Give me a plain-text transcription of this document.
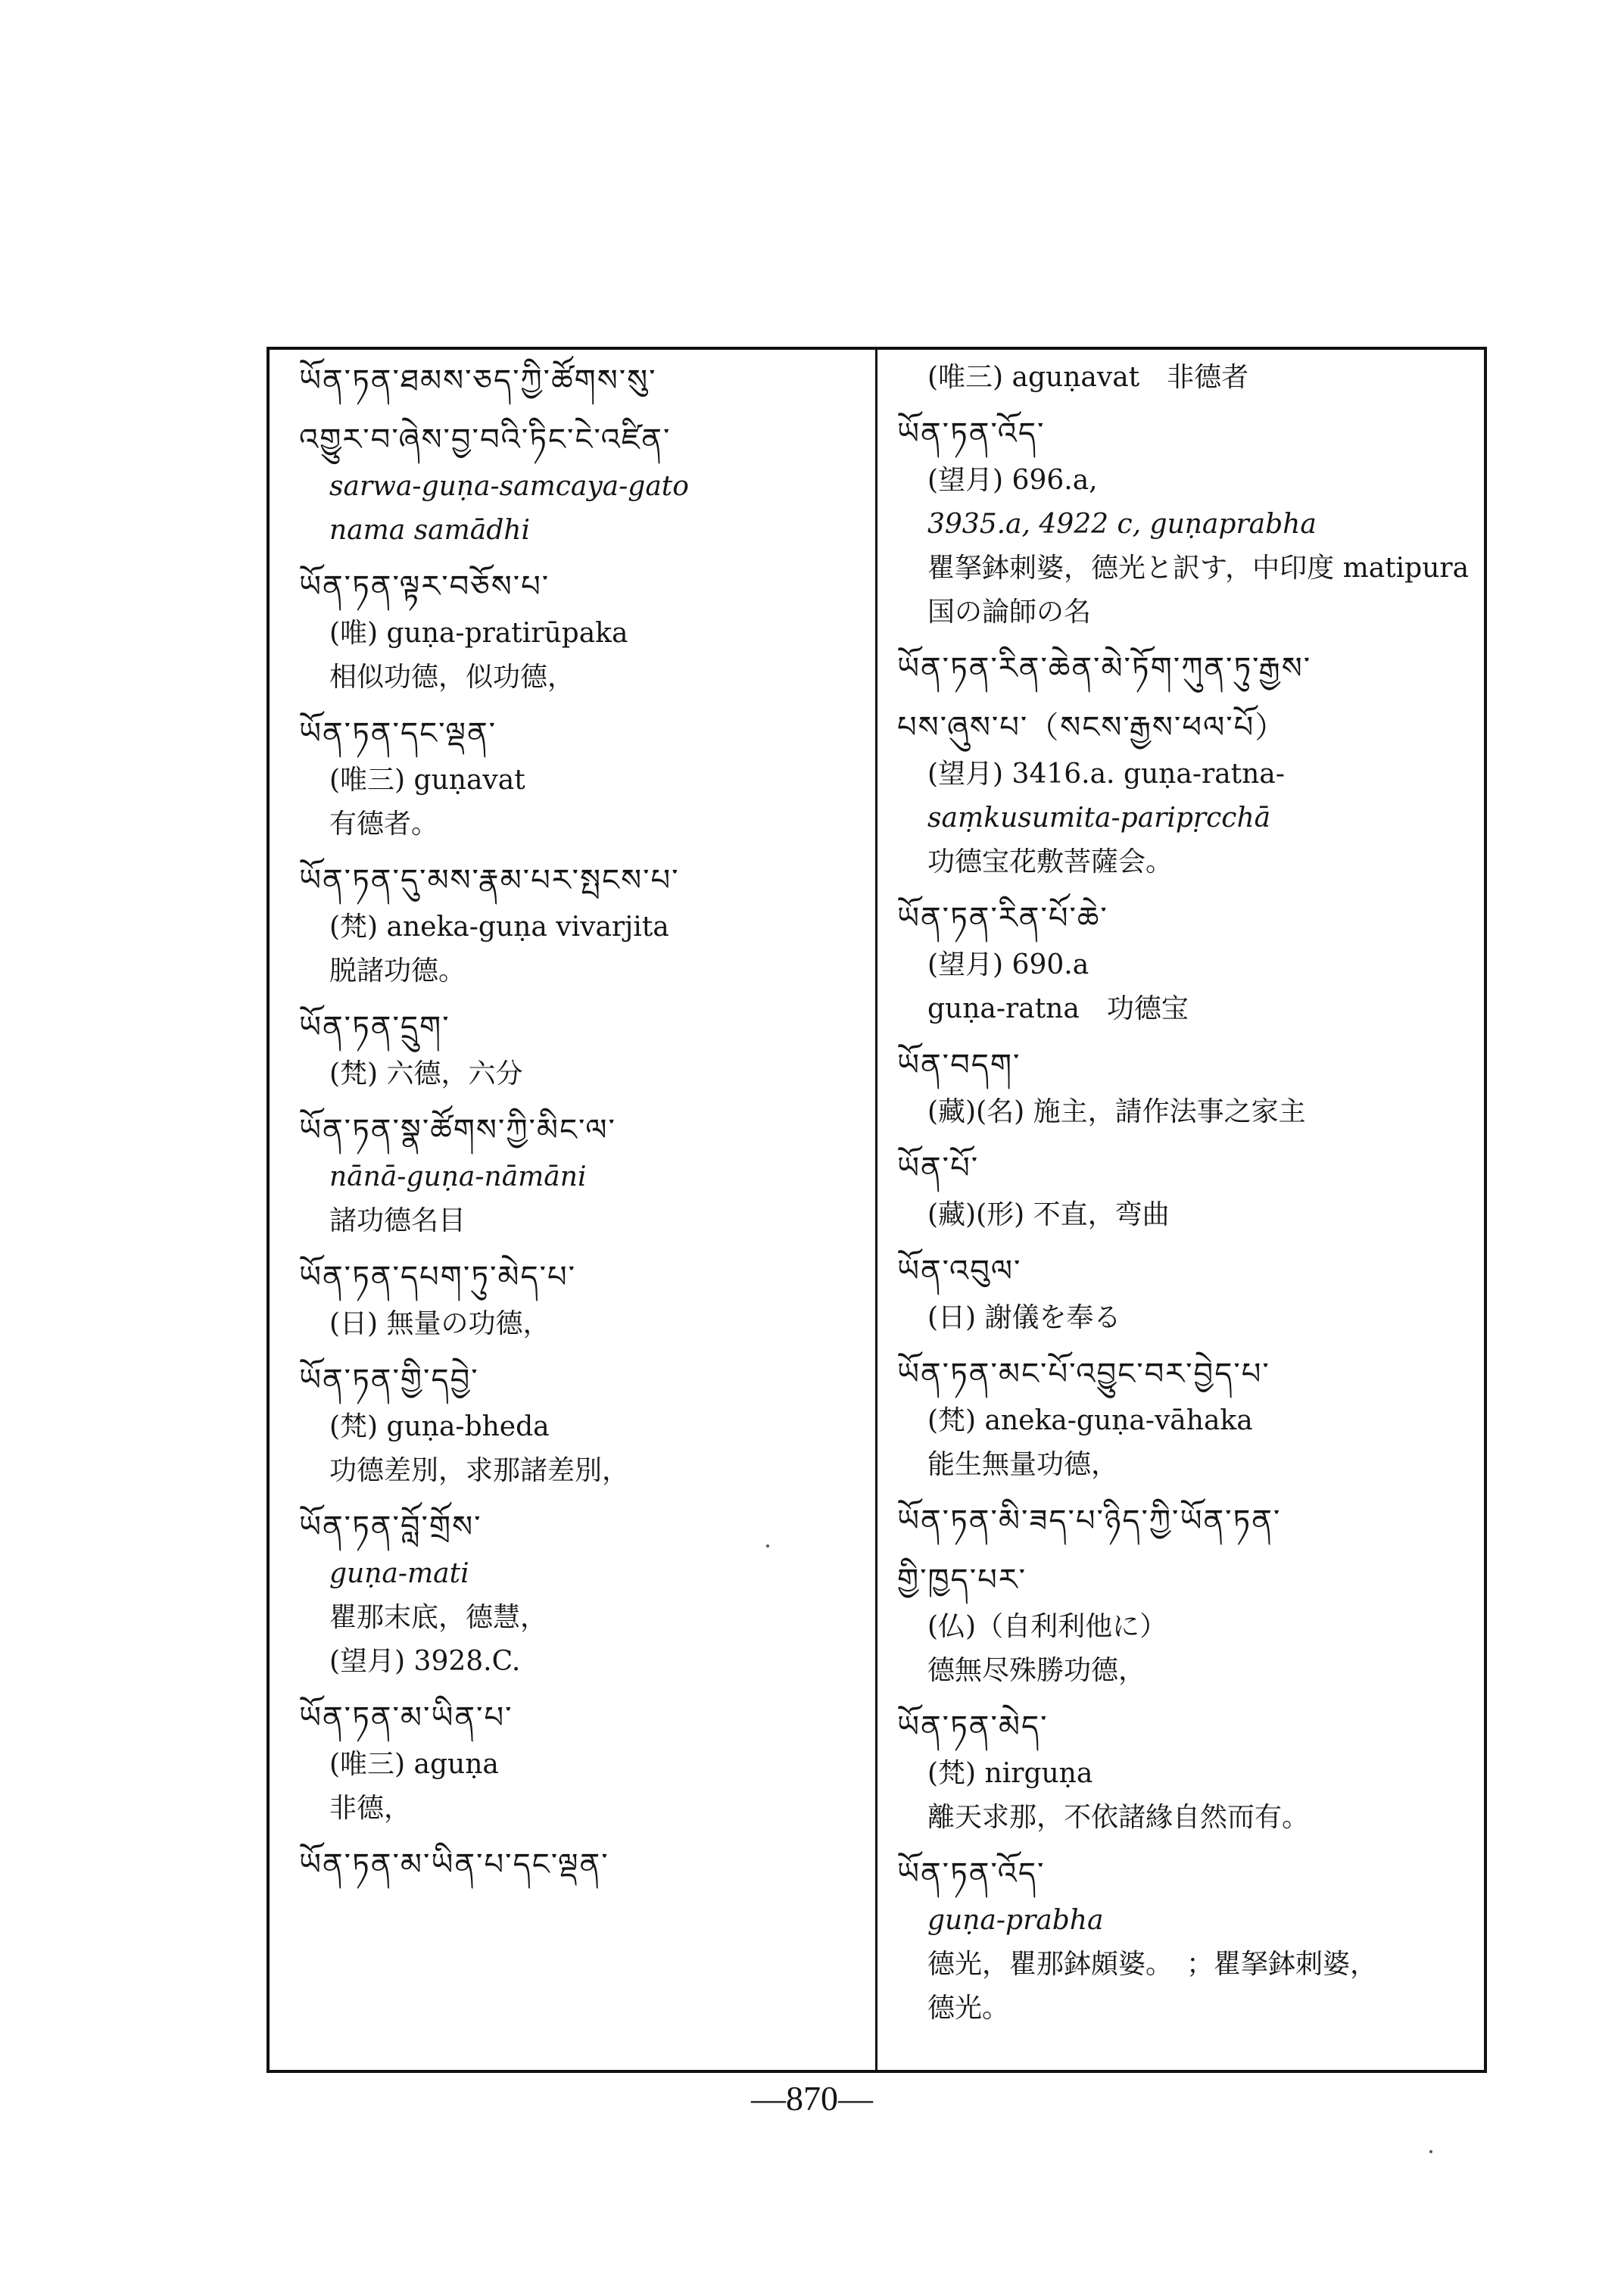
ཡོན་ཏན་ཐམས་ཅད་ཀྱི་ཚོགས་སུ་
འགྱུར་བ་ཞེས་བྱ་བའི་ཏིང་ངེ་འཛིན་
sarwa-guṇa-samcaya-gato
nama samādhi
ཡོན་ཏན་ལྟར་བཅོས་པ་
(唯) guṇa-pratirūpaka
相似功德，似功德，
ཡོན་ཏན་དང་ལྡན་
(唯三) guṇavat
有德者。
ཡོན་ཏན་དུ་མས་རྣམ་པར་སྤངས་པ་
(梵) aneka-guṇa vivarjita
脱諸功德。
ཡོན་ཏན་དྲུག་
(梵) 六德，六分
ཡོན་ཏན་སྣ་ཚོགས་ཀྱི་མིང་ལ་
nānā-guṇa-nāmāni
諸功德名目
ཡོན་ཏན་དཔག་ཏུ་མེད་པ་
(日) 無量の功德，
ཡོན་ཏན་གྱི་དབྱེ་
(梵) guṇa-bheda
功德差別，求那諸差別，
ཡོན་ཏན་བློ་གྲོས་
guṇa-mati
瞿那末底，德慧，
(望月) 3928.C.
ཡོན་ཏན་མ་ཡིན་པ་
(唯三) aguṇa
非德，
ཡོན་ཏན་མ་ཡིན་པ་དང་ལྡན་
(唯三) aguṇavat　非德者
ཡོན་ཏན་འོད་
(望月) 696.a,
3935.a, 4922 c, guṇaprabha
瞿拏鉢刺婆，德光と訳す，中印度 matipura
国の論師の名
ཡོན་ཏན་རིན་ཆེན་མེ་ཏོག་ཀུན་ཏུ་རྒྱས་
པས་ཞུས་པ་（སངས་རྒྱས་ཕལ་པོ）
(望月) 3416.a. guṇa-ratna-
saṃkusumita-paripṛcchā
功德宝花敷菩薩会。
ཡོན་ཏན་རིན་པོ་ཆེ་
(望月) 690.a
guṇa-ratna　功德宝
ཡོན་བདག་
(藏)(名) 施主，請作法事之家主
ཡོན་པོ་
(藏)(形) 不直，弯曲
ཡོན་འབུལ་
(日) 謝儀を奉る
ཡོན་ཏན་མང་པོ་འབྱུང་བར་བྱེད་པ་
(梵) aneka-guṇa-vāhaka
能生無量功德，
ཡོན་ཏན་མི་ཟད་པ་ཉིད་ཀྱི་ཡོན་ཏན་
གྱི་ཁྱད་པར་
(仏)（自利利他に）
德無尽殊勝功德，
ཡོན་ཏན་མེད་
(梵) nirguṇa
離天求那，不依諸緣自然而有。
ཡོན་ཏན་འོད་
guṇa-prabha
德光，瞿那鉢頗婆。　；瞿拏鉢刺婆，
德光。
—870—
